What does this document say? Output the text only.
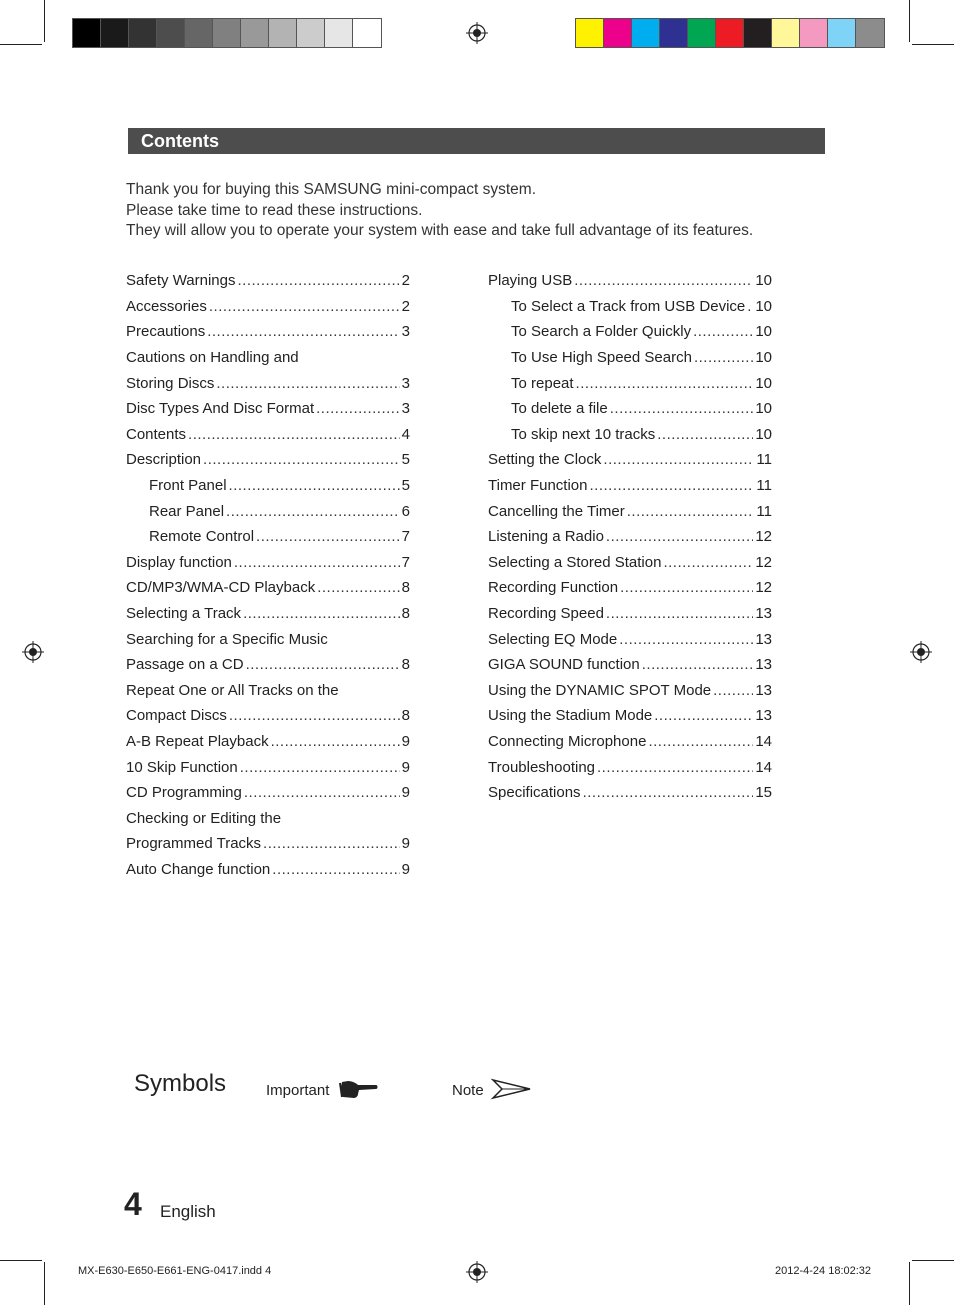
Contents
Thank you for buying this SAMSUNG mini-compact system.
Please take time to read these instructions.
They will allow you to operate your system with ease and take full advantage of its features.
Safety Warnings .....	2
Accessories .....	2
Precautions .....	3
Cautions on Handling and
Storing Discs .....	3
Disc Types And Disc Format .....	3
Contents .....	4
Description .....	5
Front Panel .....	5
Rear Panel .....	6
Remote Control .....	7
Display function .....	7
CD/MP3/WMA-CD Playback .....	8
Selecting a Track .....	8
Searching for a Specific Music
Passage on a CD .....	8
Repeat One or All Tracks on the
Compact Discs .....	8
A-B Repeat Playback .....	9
10 Skip Function .....	9
CD Programming .....	9
Checking or Editing the
Programmed Tracks .....	9
Auto Change function .....	9
Playing USB .....	10
To Select a Track from USB Device ..... 10
To Search a Folder Quickly .....	10
To Use High Speed Search .....	10
To repeat .....	10
To delete a file .....	10
To skip next 10 tracks .....	10
Setting the Clock .....	11
Timer Function .....	11
Cancelling the Timer .....	11
Listening a Radio .....	12
Selecting a Stored Station .....	12
Recording Function .....	12
Recording Speed .....	13
Selecting EQ Mode .....	13
GIGA SOUND function .....	13
Using the DYNAMIC SPOT Mode .....	13
Using the Stadium Mode .....	13
Connecting Microphone .....	14
Troubleshooting .....	14
Specifications .....	15
Symbols	Important	Note
4 English
MX-E630-E650-E661-ENG-0417.indd 4	2012-4-24 18:02:32
